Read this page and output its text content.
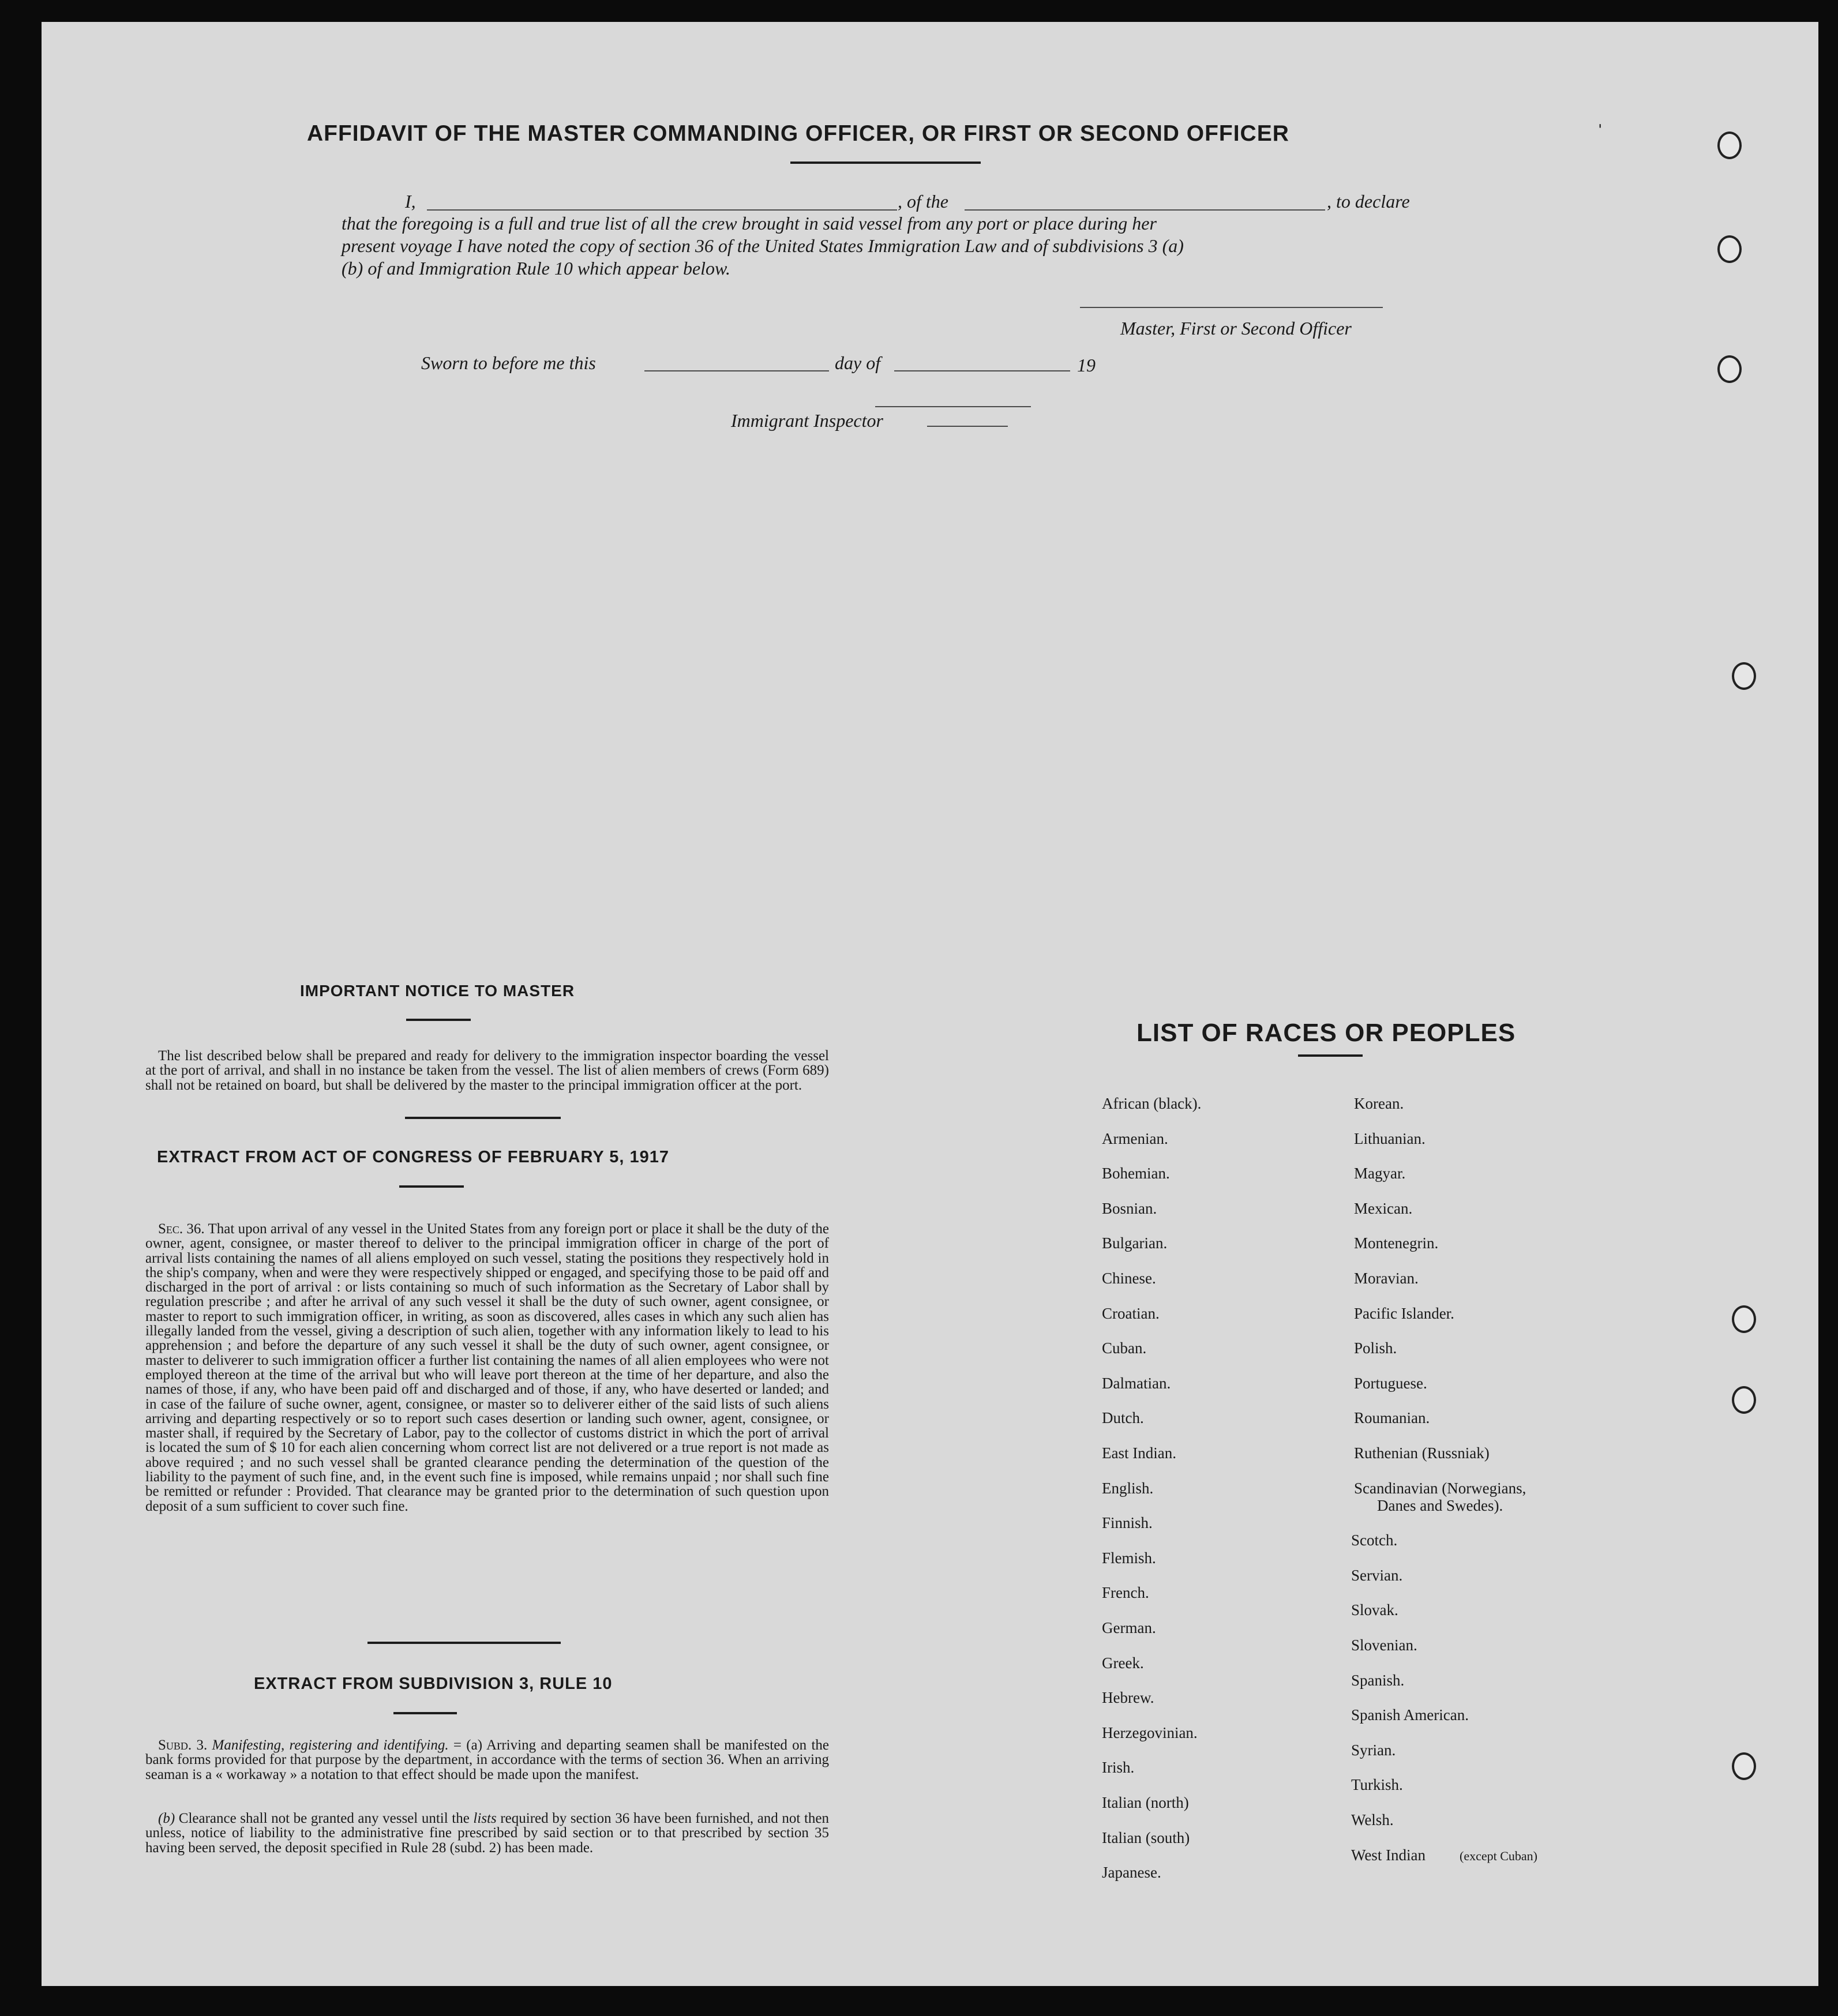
AFFIDAVIT OF THE MASTER COMMANDING OFFICER, OR FIRST OR SECOND OFFICER	ˈ
I,	, of the	, to declare
that the foregoing is a full and true list of all the crew brought in said vessel from any port or place during her
present voyage I have noted the copy of section 36 of the United States Immigration Law and of subdivisions 3 (a)
(b) of and Immigration Rule 10 which appear below.
Master, First or Second Officer
Sworn to before me this	day of	19
Immigrant Inspector
IMPORTANT NOTICE TO MASTER
The list described below shall be prepared and ready for delivery to the immigration inspector boarding the vessel at the port of arrival, and shall in no instance be taken from the vessel. The list of alien members of crews (Form 689) shall not be retained on board, but shall be delivered by the master to the principal immigration officer at the port.
EXTRACT FROM ACT OF CONGRESS OF FEBRUARY 5, 1917
Sec. 36. That upon arrival of any vessel in the United States from any foreign port or place it shall be the duty of the owner, agent, consignee, or master thereof to deliver to the principal immigration officer in charge of the port of arrival lists containing the names of all aliens employed on such vessel, stating the positions they respectively hold in the ship's company, when and were they were respectively shipped or engaged, and specifying those to be paid off and discharged in the port of arrival : or lists containing so much of such information as the Secretary of Labor shall by regulation prescribe ; and after he arrival of any such vessel it shall be the duty of such owner, agent consignee, or master to report to such immigration officer, in writing, as soon as discovered, alles cases in which any such alien has illegally landed from the vessel, giving a description of such alien, together with any information likely to lead to his apprehension ; and before the departure of any such vessel it shall be the duty of such owner, agent consignee, or master to deliverer to such immigration officer a further list containing the names of all alien employees who were not employed thereon at the time of the arrival but who will leave port thereon at the time of her departure, and also the names of those, if any, who have been paid off and discharged and of those, if any, who have deserted or landed; and in case of the failure of suche owner, agent, consignee, or master so to deliverer either of the said lists of such aliens arriving and departing respectively or so to report such cases desertion or landing such owner, agent, consignee, or master shall, if required by the Secretary of Labor, pay to the collector of customs district in which the port of arrival is located the sum of $ 10 for each alien concerning whom correct list are not delivered or a true report is not made as above required ; and no such vessel shall be granted clearance pending the determination of the question of the liability to the payment of such fine, and, in the event such fine is imposed, while remains unpaid ; nor shall such fine be remitted or refunder : Provided. That clearance may be granted prior to the determination of such question upon deposit of a sum sufficient to cover such fine.
EXTRACT FROM SUBDIVISION 3, RULE 10
Subd. 3. Manifesting, registering and identifying. = (a) Arriving and departing seamen shall be manifested on the bank forms provided for that purpose by the department, in accordance with the terms of section 36. When an arriving seaman is a « workaway » a notation to that effect should be made upon the manifest.
(b) Clearance shall not be granted any vessel until the lists required by section 36 have been furnished, and not then unless, notice of liability to the administrative fine prescribed by said section or to that prescribed by section 35 having been served, the deposit specified in Rule 28 (subd. 2) has been made.
LIST OF RACES OR PEOPLES
African (black).
Armenian.
Bohemian.
Bosnian.
Bulgarian.
Chinese.
Croatian.
Cuban.
Dalmatian.
Dutch.
East Indian.
English.
Finnish.
Flemish.
French.
German.
Greek.
Hebrew.
Herzegovinian.
Irish.
Italian (north)
Italian (south)
Japanese.
Korean.
Lithuanian.
Magyar.
Mexican.
Montenegrin.
Moravian.
Pacific Islander.
Polish.
Portuguese.
Roumanian.
Ruthenian (Russniak)
Scandinavian (Norwegians,
Danes and Swedes).
Scotch.
Servian.
Slovak.
Slovenian.
Spanish.
Spanish American.
Syrian.
Turkish.
Welsh.
West Indian	(except Cuban)
